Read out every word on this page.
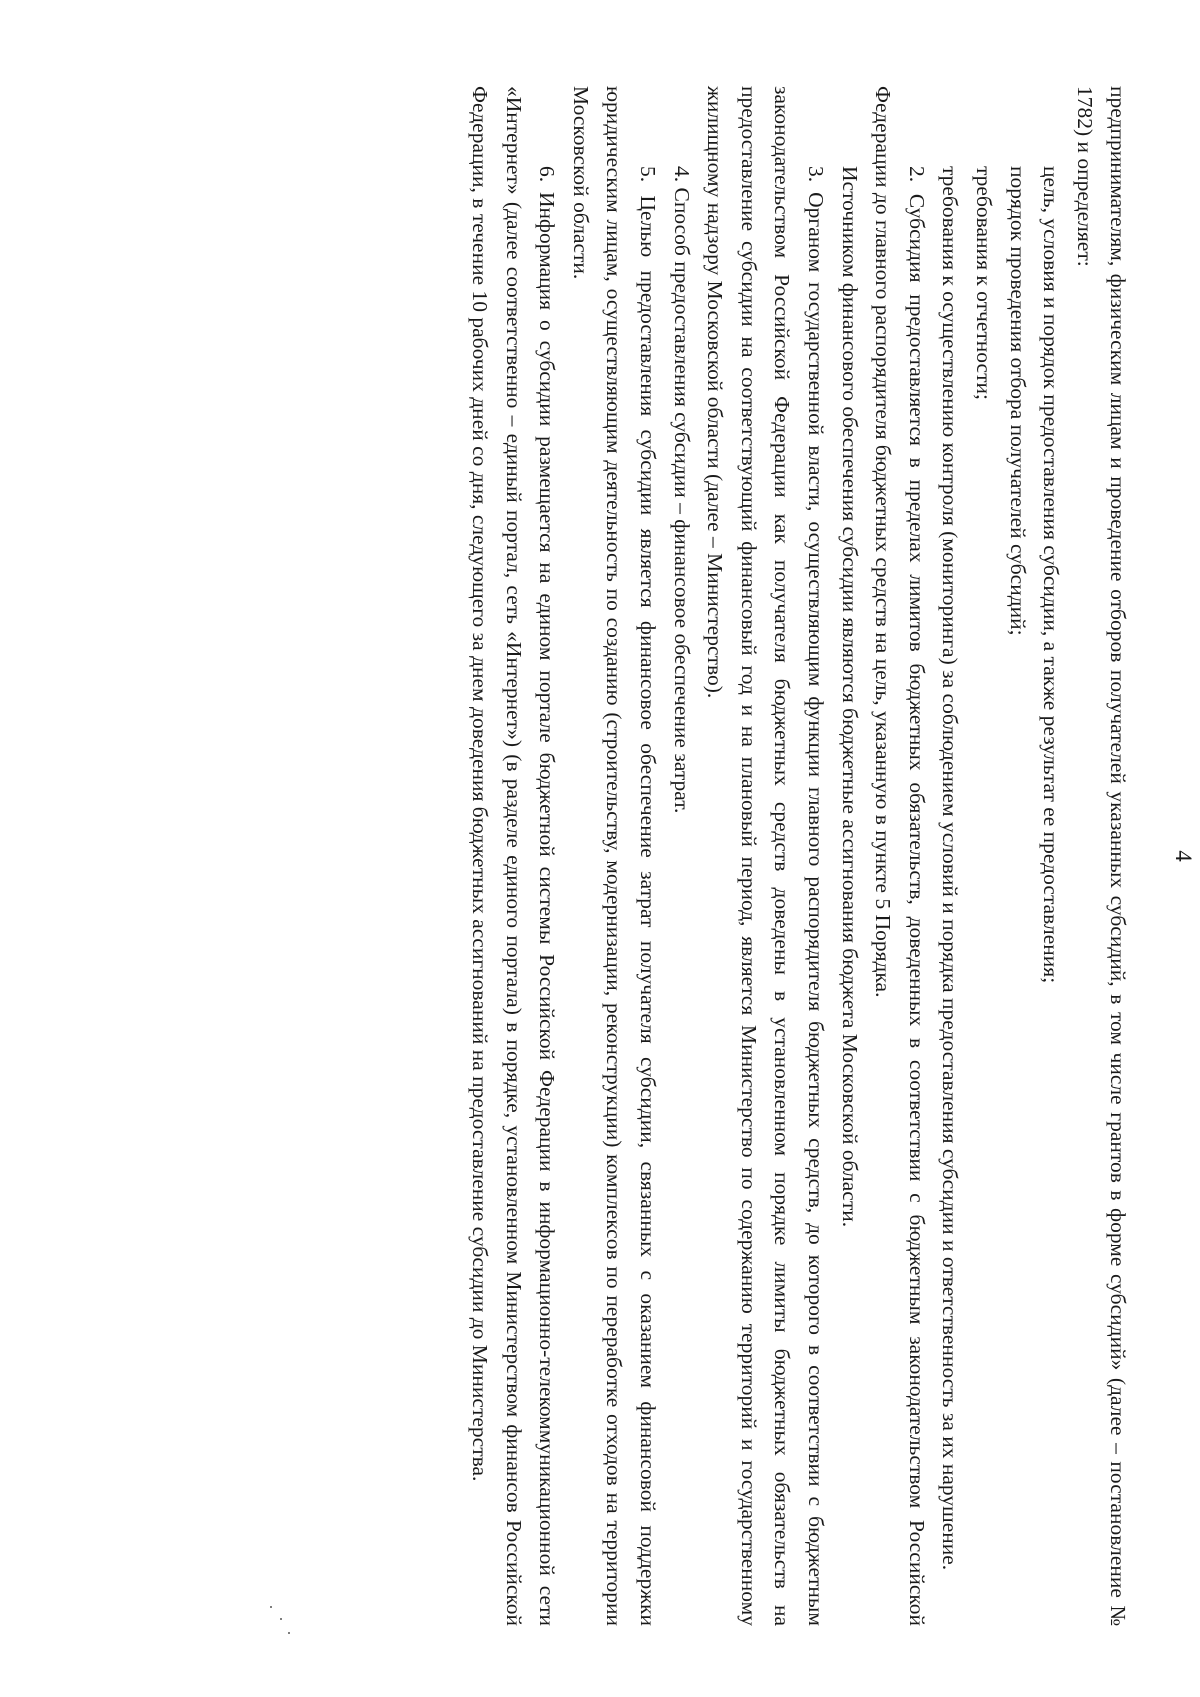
4

предпринимателям, физическим лицам и проведение отборов получателей указанных субсидий, в том числе грантов в форме субсидий» (далее – постановление № 1782) и определяет:

цель, условия и порядок предоставления субсидии, а также результат ее предоставления;

порядок проведения отбора получателей субсидий;

требования к отчетности;

требования к осуществлению контроля (мониторинга) за соблюдением условий и порядка предоставления субсидии и ответственность за их нарушение.

2. Субсидия предоставляется в пределах лимитов бюджетных обязательств, доведенных в соответствии с бюджетным законодательством Российской Федерации до главного распорядителя бюджетных средств на цель, указанную в пункте 5 Порядка.

Источником финансового обеспечения субсидии являются бюджетные ассигнования бюджета Московской области.

3. Органом государственной власти, осуществляющим функции главного распорядителя бюджетных средств, до которого в соответствии с бюджетным законодательством Российской Федерации как получателя бюджетных средств доведены в установленном порядке лимиты бюджетных обязательств на предоставление субсидии на соответствующий финансовый год и на плановый период, является Министерство по содержанию территорий и государственному жилищному надзору Московской области (далее – Министерство).

4. Способ предоставления субсидии – финансовое обеспечение затрат.

5. Целью предоставления субсидии является финансовое обеспечение затрат получателя субсидии, связанных с оказанием финансовой поддержки юридическим лицам, осуществляющим деятельность по созданию (строительству, модернизации, реконструкции) комплексов по переработке отходов на территории Московской области.

6. Информация о субсидии размещается на едином портале бюджетной системы Российской Федерации в информационно-телекоммуникационной сети «Интернет» (далее соответственно – единый портал, сеть «Интернет») (в разделе единого портала) в порядке, установленном Министерством финансов Российской Федерации, в течение 10 рабочих дней со дня, следующего за днем доведения бюджетных ассигнований на предоставление субсидии до Министерства.
